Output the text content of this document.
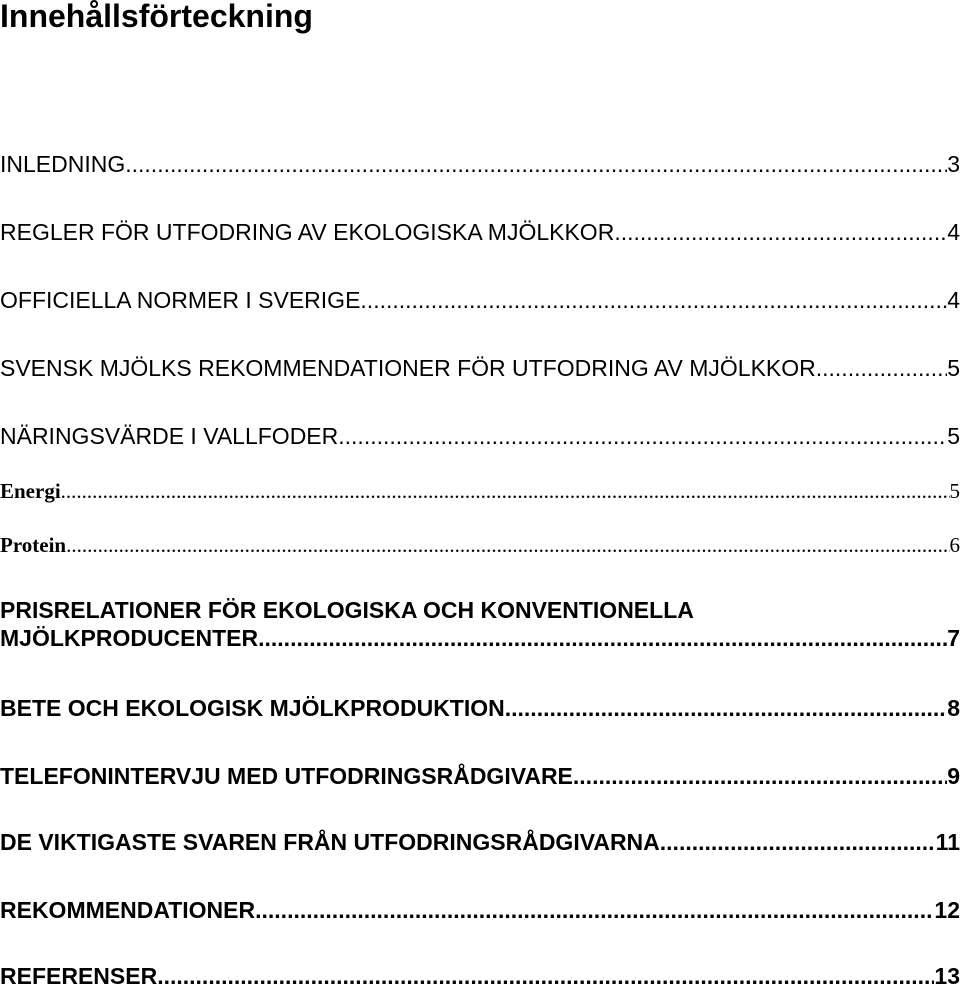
Innehållsförteckning
INLEDNING .....	3
REGLER FÖR UTFODRING AV EKOLOGISKA MJÖLKKOR .....	4
OFFICIELLA NORMER I SVERIGE .....	4
SVENSK MJÖLKS REKOMMENDATIONER FÖR UTFODRING AV MJÖLKKOR .....	5
NÄRINGSVÄRDE I VALLFODER .....	5
Energi .....	5
Protein .....	6
PRISRELATIONER FÖR EKOLOGISKA OCH KONVENTIONELLA
MJÖLKPRODUCENTER .....	7
BETE OCH EKOLOGISK MJÖLKPRODUKTION .....	8
TELEFONINTERVJU MED UTFODRINGSRÅDGIVARE .....	9
DE VIKTIGASTE SVAREN FRÅN UTFODRINGSRÅDGIVARNA .....	11
REKOMMENDATIONER .....	12
REFERENSER .....	13
